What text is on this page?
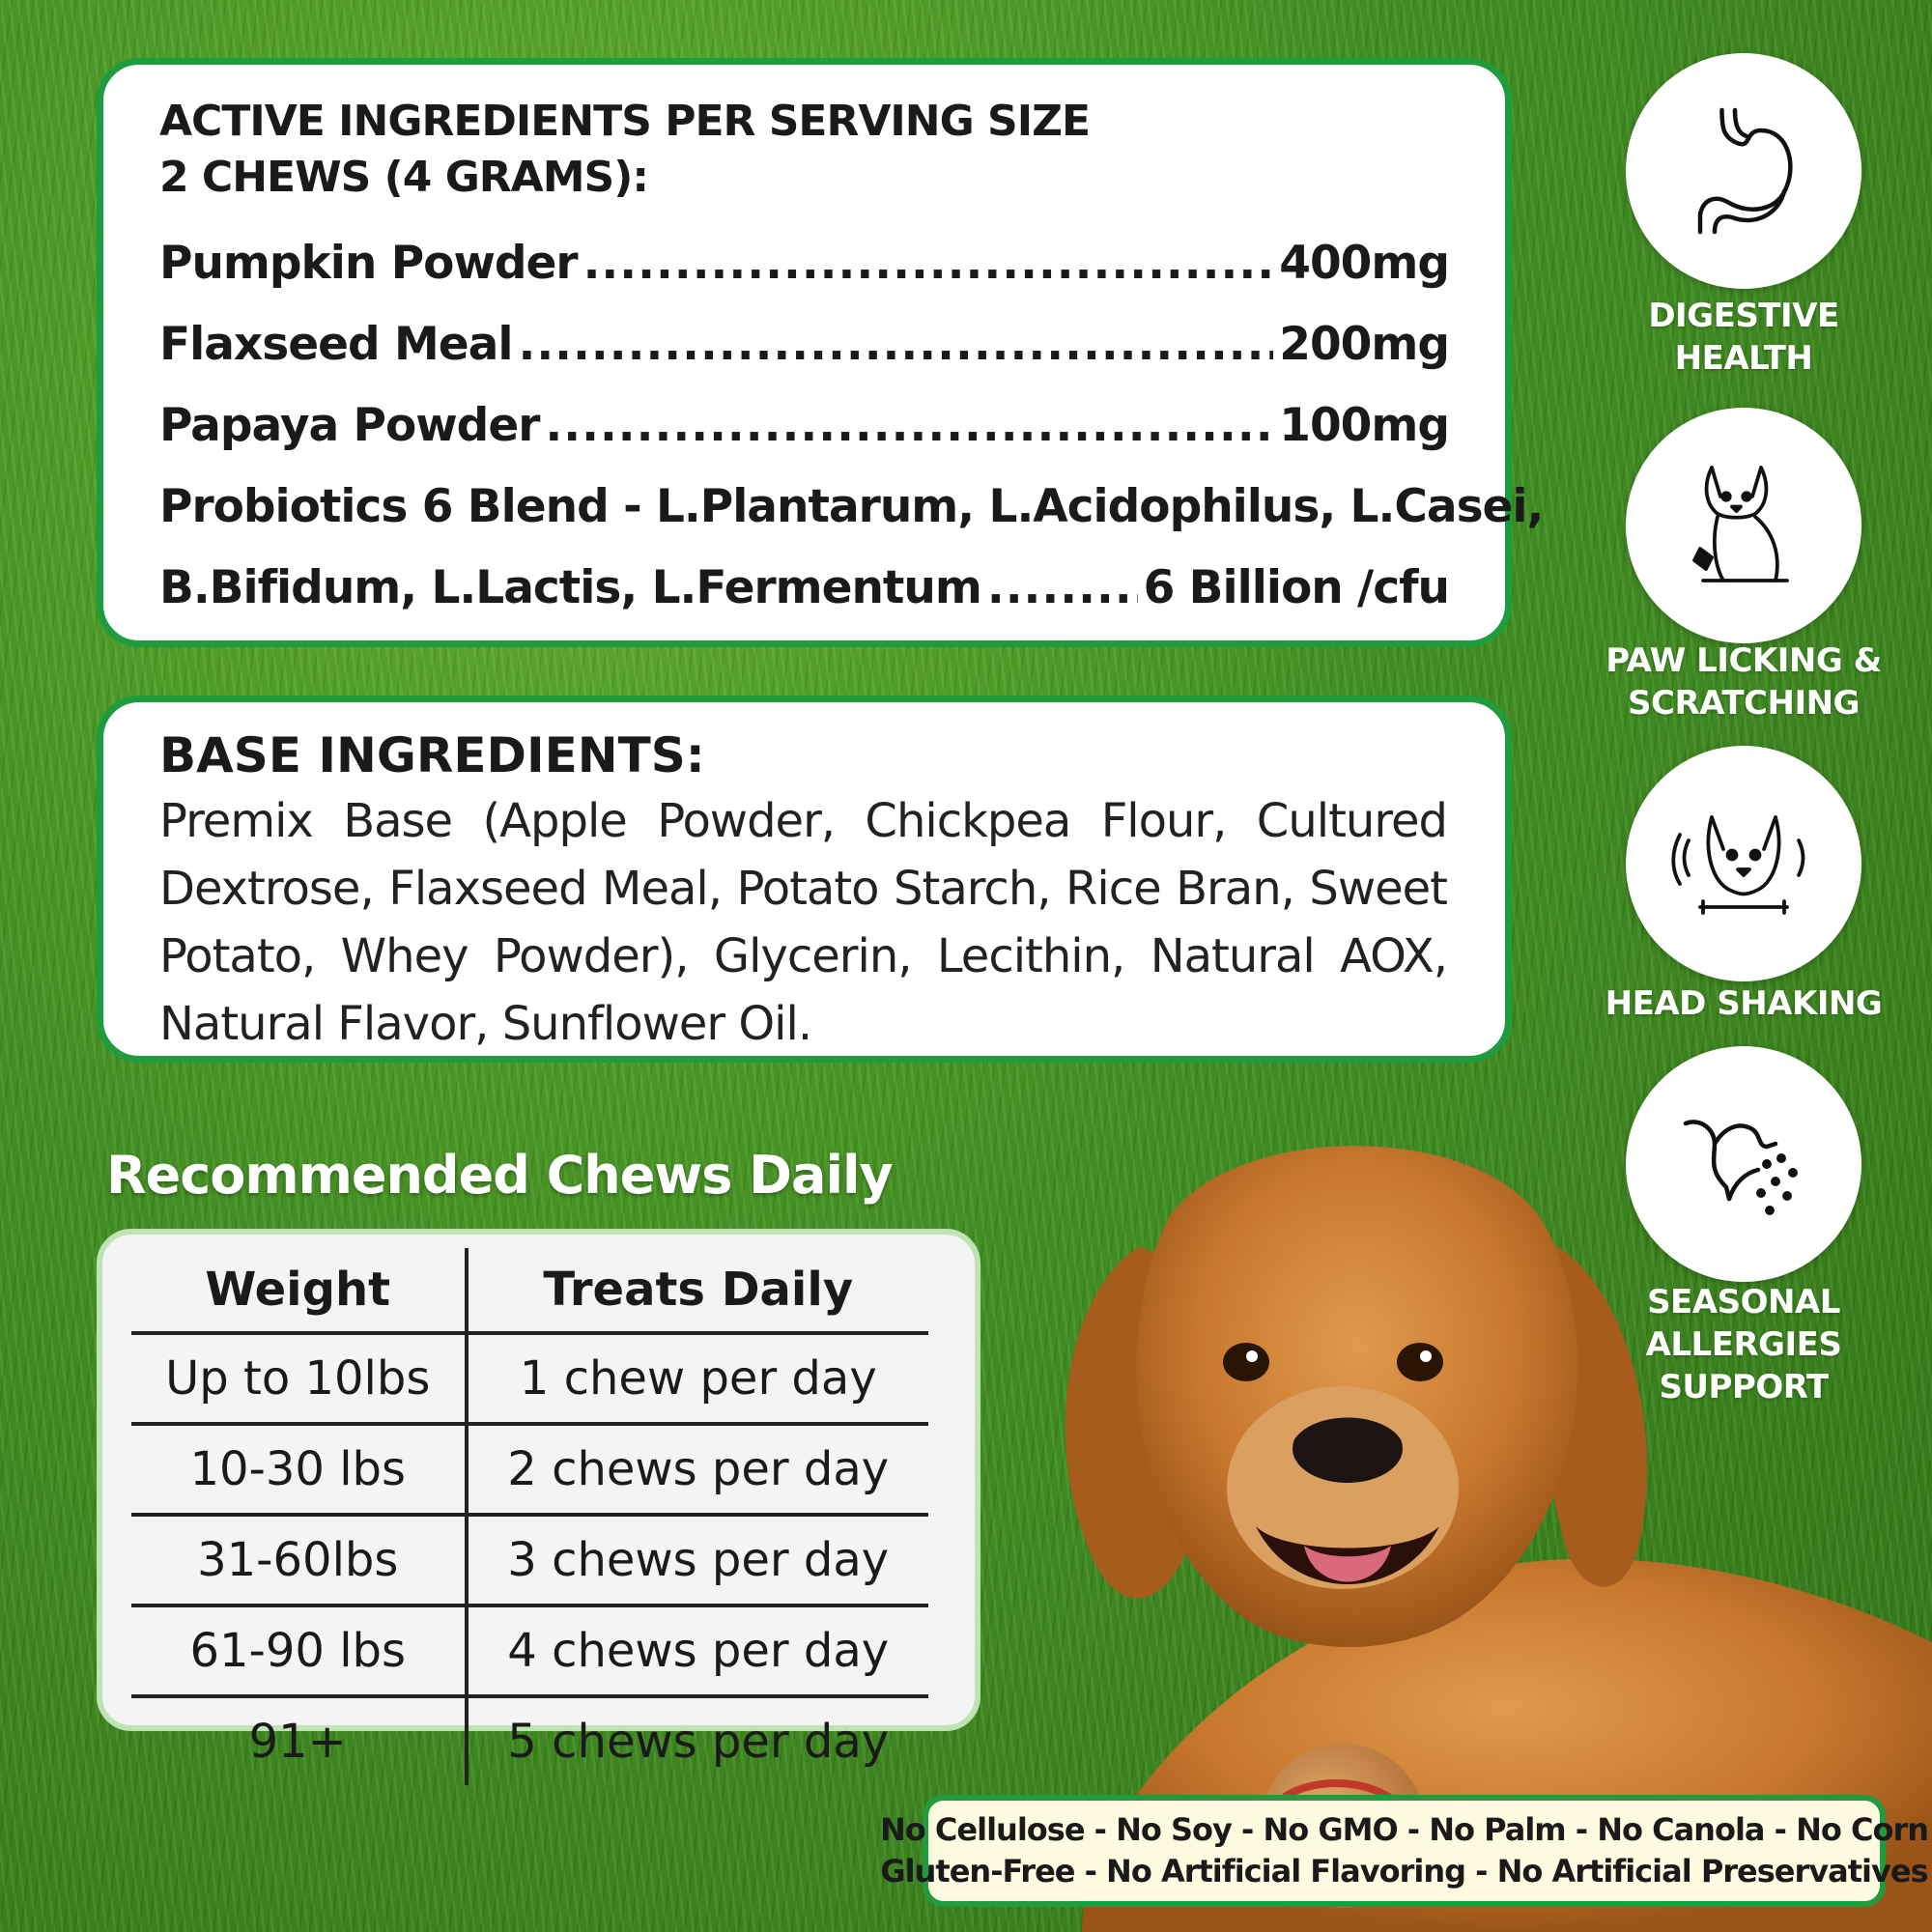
ACTIVE INGREDIENTS PER SERVING SIZE
2 CHEWS (4 GRAMS):
Pumpkin Powder .....	400mg
Flaxseed Meal .....	200mg
Papaya Powder .....	100mg
Probiotics 6 Blend - L.Plantarum, L.Acidophilus, L.Casei,
B.Bifidum, L.Lactis, L.Fermentum .....	6 Billion /cfu
BASE INGREDIENTS:
Premix Base (Apple Powder, Chickpea Flour, Cultured Dextrose, Flaxseed Meal, Potato Starch, Rice Bran, Sweet Potato, Whey Powder), Glycerin, Lecithin, Natural AOX, Natural Flavor, Sunflower Oil.
Recommended Chews Daily
Weight	Treats Daily
Up to 10lbs	1 chew per day
10-30 lbs	2 chews per day
31-60lbs	3 chews per day
61-90 lbs	4 chews per day
91+	5 chews per day
DIGESTIVE
HEALTH
PAW LICKING &
SCRATCHING
HEAD SHAKING
SEASONAL
ALLERGIES
SUPPORT
No Cellulose - No Soy - No GMO - No Palm - No Canola - No Corn
Gluten-Free - No Artificial Flavoring - No Artificial Preservatives
